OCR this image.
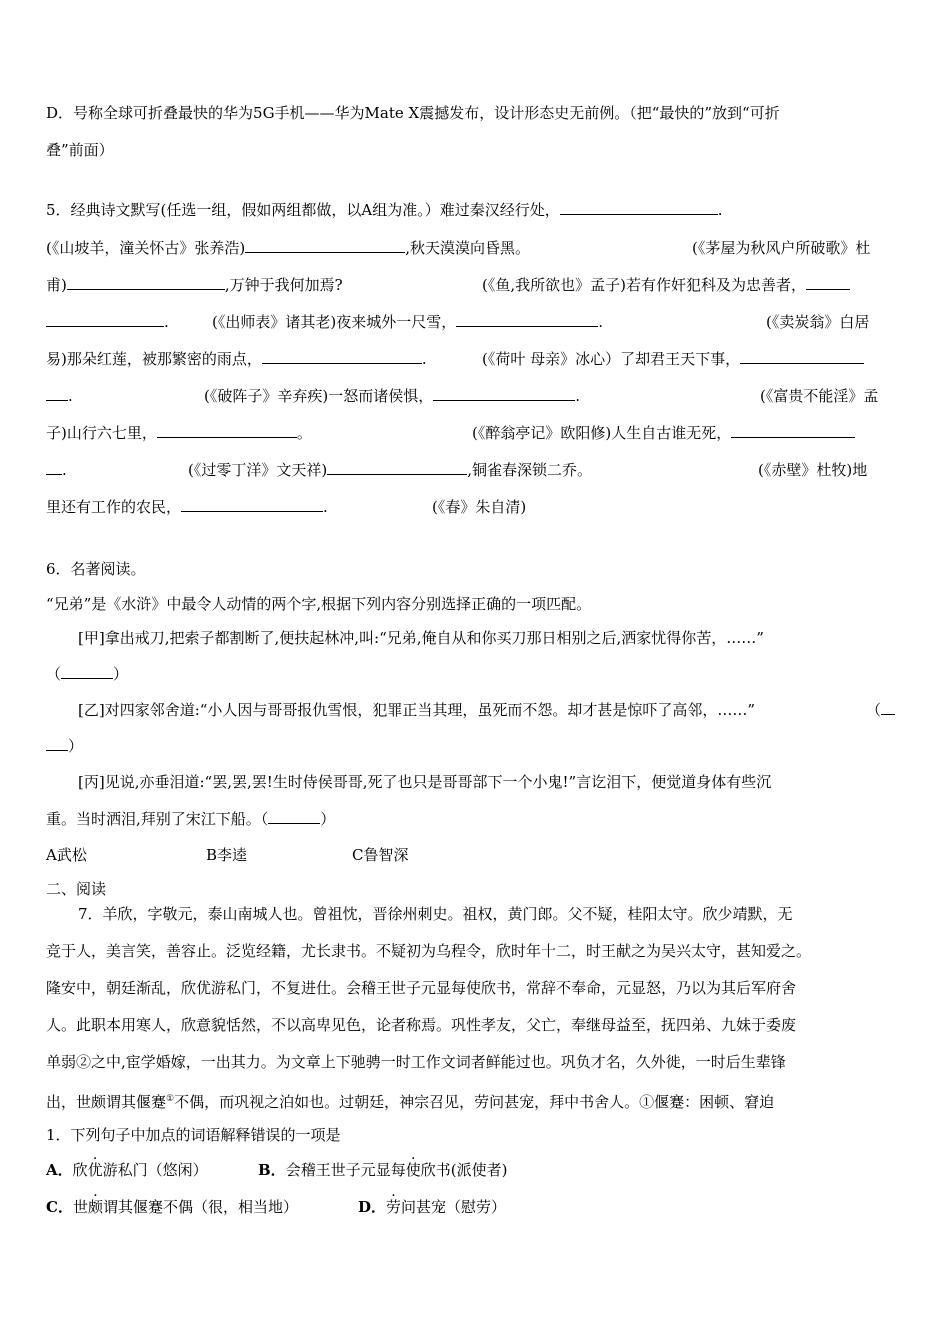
D．号称全球可折叠最快的华为5G手机——华为Mate X震撼发布，设计形态史无前例。（把“最快的”放到“可折
叠”前面）
5．经典诗文默写(任选一组，假如两组都做，以A组为准。）难过秦汉经行处，	.
(《山坡羊，潼关怀古》张养浩)	,秋天漠漠向昏黑。	(《茅屋为秋风户所破歌》杜
甫)	,万钟于我何加焉?	(《鱼,我所欲也》孟子)若有作奸犯科及为忠善者，
.	(《出师表》诸其老)夜来城外一尺雪，	.	(《卖炭翁》白居
易)那朵红莲，被那繁密的雨点，	.	(《荷叶 母亲》冰心）了却君王天下事，
.	(《破阵子》辛弃疾)一怒而诸侯惧，	.	(《富贵不能淫》孟
子)山行六七里，	。	(《醉翁亭记》欧阳修)人生自古谁无死，
.	(《过零丁洋》文天祥)	,铜雀春深锁二乔。	(《赤壁》杜牧)地
里还有工作的农民，	.	(《春》朱自清)
6．名著阅读。
“兄弟”是《水浒》中最令人动情的两个字,根据下列内容分别选择正确的一项匹配。
[甲]拿出戒刀,把索子都割断了,便扶起林冲,叫:“兄弟,俺自从和你买刀那日相别之后,洒家忧得你苦，……”
（	）
[乙]对四家邻舍道:“小人因与哥哥报仇雪恨，犯罪正当其理，虽死而不怨。却才甚是惊吓了高邻，……”	（
）
[丙]见说,亦垂泪道:“罢,罢,罢!生时侍侯哥哥,死了也只是哥哥部下一个小鬼!”言讫泪下，便觉道身体有些沉
重。当时洒泪,拜别了宋江下船。（	）
A武松	B李逵	C鲁智深
二、阅读
7．羊欣，字敬元，泰山南城人也。曾祖忱，晋徐州刺史。祖权，黄门郎。父不疑，桂阳太守。欣少靖默，无
竞于人，美言笑，善容止。泛览经籍，尤长隶书。不疑初为乌程令，欣时年十二，时王献之为吴兴太守，甚知爱之。
隆安中，朝廷渐乱，欣优游私门，不复进仕。会稽王世子元显每使欣书，常辞不奉命，元显怒，乃以为其后军府舍
人。此职本用寒人，欣意貌恬然，不以高卑见色，论者称焉。巩性孝友，父亡，奉继母益至，抚四弟、九妹于委废
单弱②之中,宦学婚嫁，一出其力。为文章上下驰骋一时工作文词者鲜能过也。巩负才名，久外徙，一时后生辈锋
出，世颇谓其偃蹇①不偶，而巩视之泊如也。过朝廷，神宗召见，劳问甚宠，拜中书舍人。①偃蹇：困顿、窘迫
1．下列句子中加点的词语解释错误的一项是
A．欣优游私门（悠闲）	B．会稽王世子元显每使欣书(派使者)
C．世颇谓其偃蹇不偶（很，相当地）	D．劳问甚宠（慰劳）
